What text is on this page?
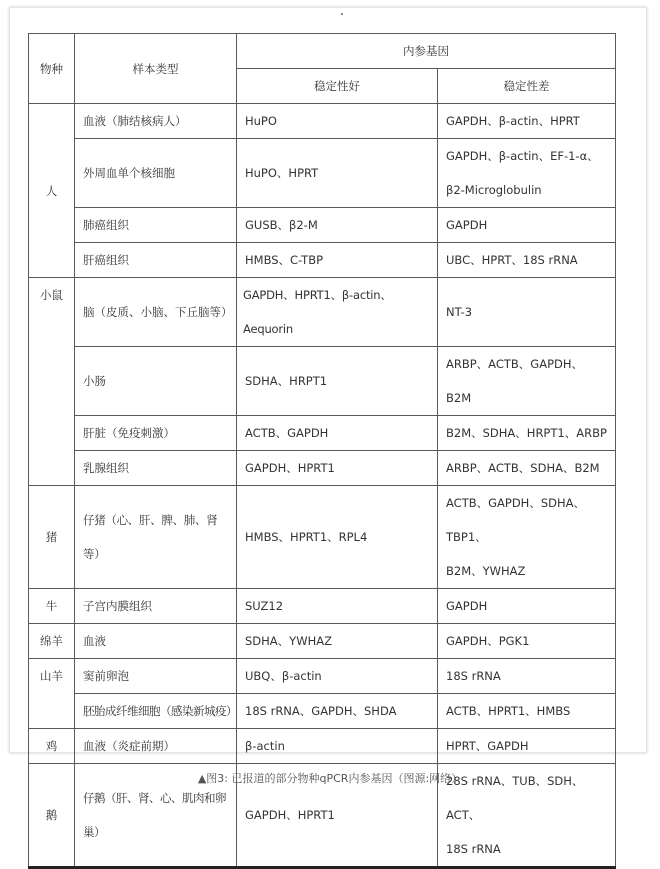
物种	样本类型	内参基因	
		稳定性好	稳定性差
人	血液（肺结核病人）	HuPO	GAPDH、β-actin、HPRT
	外周血单个核细胞	HuPO、HPRT	GAPDH、β-actin、EF-1-α、
β2-Microglobulin
	肺癌组织	GUSB、β2-M	GAPDH
	肝癌组织	HMBS、C-TBP	UBC、HPRT、18S rRNA
小鼠	脑（皮质、小脑、下丘脑等）	GAPDH、HPRT1、β-actin、Aequorin	NT-3
	小肠	SDHA、HRPT1	ARBP、ACTB、GAPDH、B2M
	肝脏（免疫刺激）	ACTB、GAPDH	B2M、SDHA、HRPT1、ARBP
	乳腺组织	GAPDH、HPRT1	ARBP、ACTB、SDHA、B2M
猪	仔猪（心、肝、脾、肺、肾等）	HMBS、HPRT1、RPL4	ACTB、GAPDH、SDHA、TBP1、
B2M、YWHAZ
牛	子宫内膜组织	SUZ12	GAPDH
绵羊	血液	SDHA、YWHAZ	GAPDH、PGK1
山羊	窦前卵泡	UBQ、β-actin	18S rRNA
	胚胎成纤维细胞（感染新城疫）	18S rRNA、GAPDH、SHDA	ACTB、HPRT1、HMBS
鸡	血液（炎症前期）	β-actin	HPRT、GAPDH
鹅	仔鹅（肝、肾、心、肌肉和卵巢）	GAPDH、HPRT1	28S rRNA、TUB、SDH、ACT、
18S rRNA
▲图3: 已报道的部分物种qPCR内参基因（图源:网络）
